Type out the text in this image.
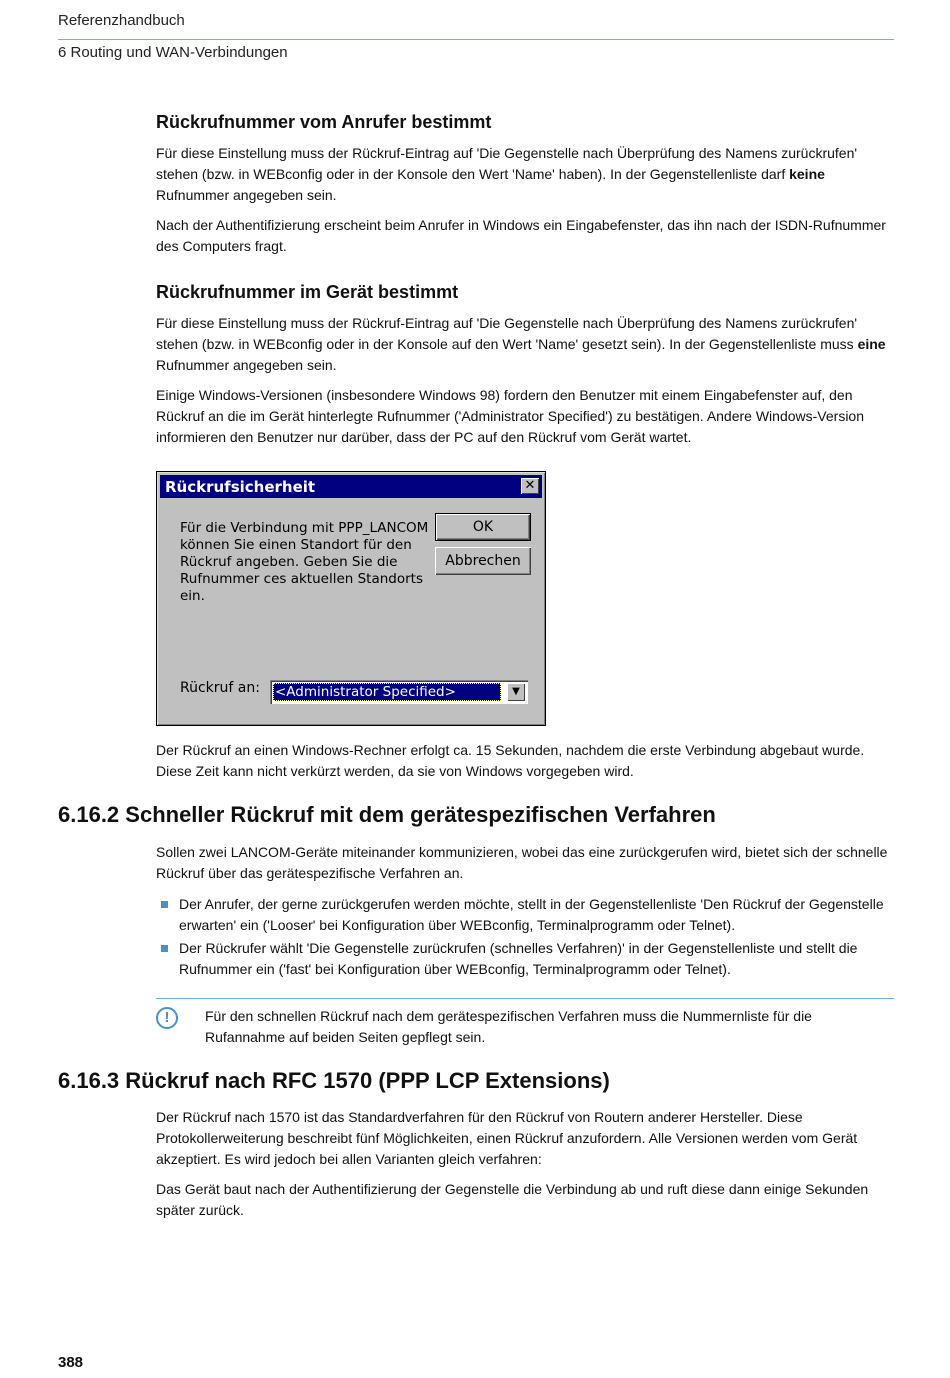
Referenzhandbuch
6 Routing und WAN-Verbindungen
Rückrufnummer vom Anrufer bestimmt

Für diese Einstellung muss der Rückruf-Eintrag auf 'Die Gegenstelle nach Überprüfung des Namens zurückrufen' stehen (bzw. in WEBconfig oder in der Konsole den Wert 'Name' haben). In der Gegenstellenliste darf keine Rufnummer angegeben sein.

Nach der Authentifizierung erscheint beim Anrufer in Windows ein Eingabefenster, das ihn nach der ISDN-Rufnummer des Computers fragt.

Rückrufnummer im Gerät bestimmt

Für diese Einstellung muss der Rückruf-Eintrag auf 'Die Gegenstelle nach Überprüfung des Namens zurückrufen' stehen (bzw. in WEBconfig oder in der Konsole auf den Wert 'Name' gesetzt sein). In der Gegenstellenliste muss eine Rufnummer angegeben sein.

Einige Windows-Versionen (insbesondere Windows 98) fordern den Benutzer mit einem Eingabefenster auf, den Rückruf an die im Gerät hinterlegte Rufnummer ('Administrator Specified') zu bestätigen. Andere Windows-Version informieren den Benutzer nur darüber, dass der PC auf den Rückruf vom Gerät wartet.

Rückrufsicherheit	✕

Für die Verbindung mit PPP_LANCOM können Sie einen Standort für den Rückruf angeben. Geben Sie die Rufnummer ces aktuellen Standorts ein.

OK
Abbrechen
Rückruf an: <Administrator Specified>	▼

Der Rückruf an einen Windows-Rechner erfolgt ca. 15 Sekunden, nachdem die erste Verbindung abgebaut wurde. Diese Zeit kann nicht verkürzt werden, da sie von Windows vorgegeben wird.

6.16.2 Schneller Rückruf mit dem gerätespezifischen Verfahren

Sollen zwei LANCOM-Geräte miteinander kommunizieren, wobei das eine zurückgerufen wird, bietet sich der schnelle Rückruf über das gerätespezifische Verfahren an.

Der Anrufer, der gerne zurückgerufen werden möchte, stellt in der Gegenstellenliste 'Den Rückruf der Gegenstelle erwarten' ein ('Looser' bei Konfiguration über WEBconfig, Terminalprogramm oder Telnet).
Der Rückrufer wählt 'Die Gegenstelle zurückrufen (schnelles Verfahren)' in der Gegenstellenliste und stellt die Rufnummer ein ('fast' bei Konfiguration über WEBconfig, Terminalprogramm oder Telnet).
!	Für den schnellen Rückruf nach dem gerätespezifischen Verfahren muss die Nummernliste für die Rufannahme auf beiden Seiten gepflegt sein.

6.16.3 Rückruf nach RFC 1570 (PPP LCP Extensions)

Der Rückruf nach 1570 ist das Standardverfahren für den Rückruf von Routern anderer Hersteller. Diese Protokollerweiterung beschreibt fünf Möglichkeiten, einen Rückruf anzufordern. Alle Versionen werden vom Gerät akzeptiert. Es wird jedoch bei allen Varianten gleich verfahren:

Das Gerät baut nach der Authentifizierung der Gegenstelle die Verbindung ab und ruft diese dann einige Sekunden später zurück.

388
